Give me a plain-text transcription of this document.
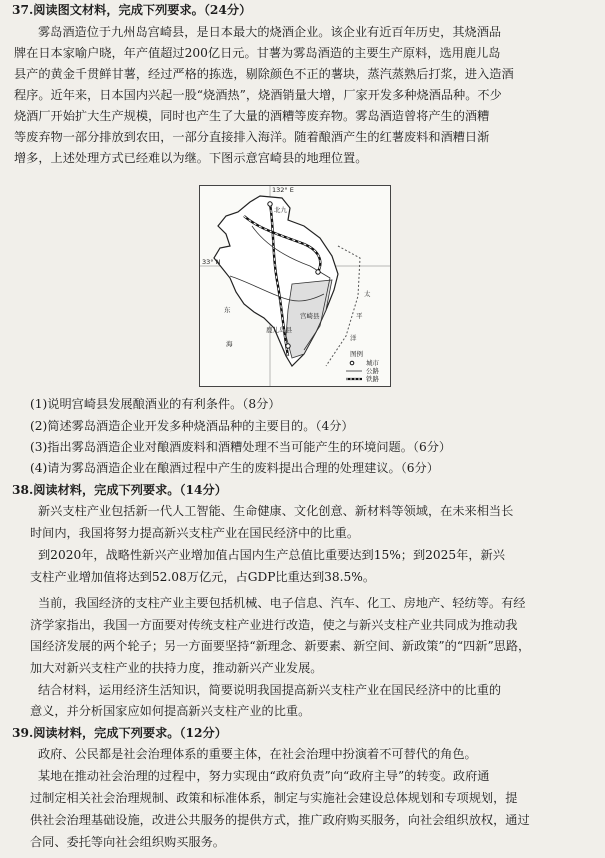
37.阅读图文材料，完成下列要求。（24分）
雾岛酒造位于九州岛宫崎县，是日本最大的烧酒企业。该企业有近百年历史，其烧酒品
牌在日本家喻户晓，年产值超过200亿日元。甘薯为雾岛酒造的主要生产原料，选用鹿儿岛
县产的黄金千贯鲜甘薯，经过严格的拣选，剔除颜色不正的薯块，蒸汽蒸熟后打浆，进入造酒
程序。近年来，日本国内兴起一股“烧酒热”，烧酒销量大增，厂家开发多种烧酒品种。不少
烧酒厂开始扩大生产规模，同时也产生了大量的酒糟等废弃物。雾岛酒造曾将产生的酒糟
等废弃物一部分排放到农田，一部分直接排入海洋。随着酿酒产生的红薯废料和酒糟日渐
增多，上述处理方式已经难以为继。下图示意宫崎县的地理位置。
132° E
33° N
北九
宫崎县
鹿儿岛县
东
海
太
平
洋
图例
城市
公路
铁路
(1)说明宫崎县发展酿酒业的有利条件。（8分）
(2)简述雾岛酒造企业开发多种烧酒品种的主要目的。（4分）
(3)指出雾岛酒造企业对酿酒废料和酒糟处理不当可能产生的环境问题。（6分）
(4)请为雾岛酒造企业在酿酒过程中产生的废料提出合理的处理建议。（6分）
38.阅读材料，完成下列要求。（14分）
新兴支柱产业包括新一代人工智能、生命健康、文化创意、新材料等领域，在未来相当长
时间内，我国将努力提高新兴支柱产业在国民经济中的比重。
到2020年，战略性新兴产业增加值占国内生产总值比重要达到15%；到2025年，新兴
支柱产业增加值将达到52.08万亿元，占GDP比重达到38.5%。
当前，我国经济的支柱产业主要包括机械、电子信息、汽车、化工、房地产、轻纺等。有经
济学家指出，我国一方面要对传统支柱产业进行改造，使之与新兴支柱产业共同成为推动我
国经济发展的两个轮子；另一方面要坚持“新理念、新要素、新空间、新政策”的“四新”思路，
加大对新兴支柱产业的扶持力度，推动新兴产业发展。
结合材料，运用经济生活知识，简要说明我国提高新兴支柱产业在国民经济中的比重的
意义，并分析国家应如何提高新兴支柱产业的比重。
39.阅读材料，完成下列要求。（12分）
政府、公民都是社会治理体系的重要主体，在社会治理中扮演着不可替代的角色。
某地在推动社会治理的过程中，努力实现由“政府负责”向“政府主导”的转变。政府通
过制定相关社会治理规制、政策和标准体系，制定与实施社会建设总体规划和专项规划，提
供社会治理基础设施，改进公共服务的提供方式，推广政府购买服务，向社会组织放权，通过
合同、委托等向社会组织购买服务。
